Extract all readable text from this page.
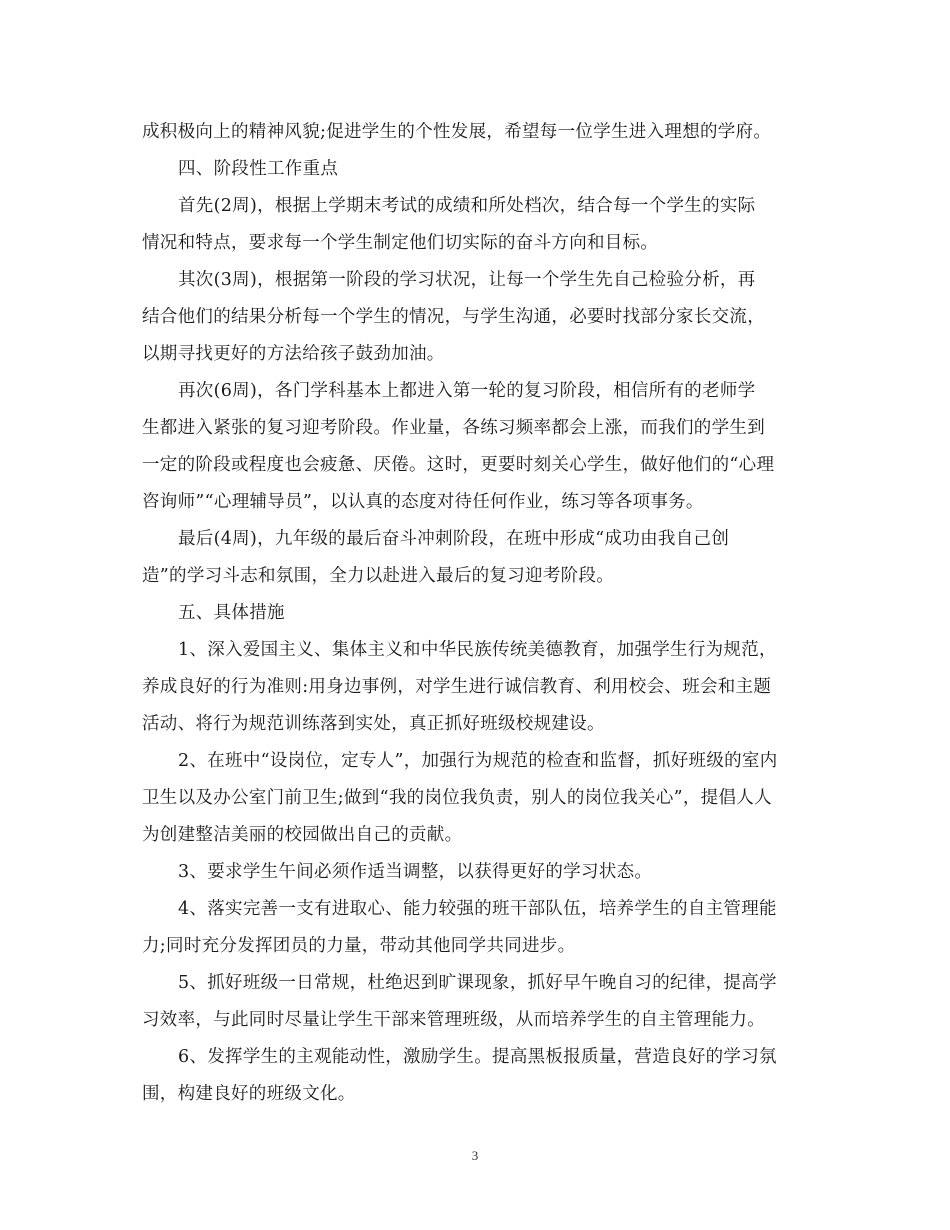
成积极向上的精神风貌;促进学生的个性发展，希望每一位学生进入理想的学府。
四、阶段性工作重点
首先(2周)，根据上学期末考试的成绩和所处档次，结合每一个学生的实际
情况和特点，要求每一个学生制定他们切实际的奋斗方向和目标。
其次(3周)，根据第一阶段的学习状况，让每一个学生先自己检验分析，再
结合他们的结果分析每一个学生的情况，与学生沟通，必要时找部分家长交流，
以期寻找更好的方法给孩子鼓劲加油。
再次(6周)，各门学科基本上都进入第一轮的复习阶段，相信所有的老师学
生都进入紧张的复习迎考阶段。作业量，各练习频率都会上涨，而我们的学生到
一定的阶段或程度也会疲惫、厌倦。这时，更要时刻关心学生，做好他们的“心理
咨询师”“心理辅导员”，以认真的态度对待任何作业，练习等各项事务。
最后(4周)，九年级的最后奋斗冲刺阶段，在班中形成“成功由我自己创
造”的学习斗志和氛围，全力以赴进入最后的复习迎考阶段。
五、具体措施
1、深入爱国主义、集体主义和中华民族传统美德教育，加强学生行为规范，
养成良好的行为准则:用身边事例，对学生进行诚信教育、利用校会、班会和主题
活动、将行为规范训练落到实处，真正抓好班级校规建设。
2、在班中“设岗位，定专人”，加强行为规范的检查和监督，抓好班级的室内
卫生以及办公室门前卫生;做到“我的岗位我负责，别人的岗位我关心”，提倡人人
为创建整洁美丽的校园做出自己的贡献。
3、要求学生午间必须作适当调整，以获得更好的学习状态。
4、落实完善一支有进取心、能力较强的班干部队伍，培养学生的自主管理能
力;同时充分发挥团员的力量，带动其他同学共同进步。
5、抓好班级一日常规，杜绝迟到旷课现象，抓好早午晚自习的纪律，提高学
习效率，与此同时尽量让学生干部来管理班级，从而培养学生的自主管理能力。
6、发挥学生的主观能动性，激励学生。提高黑板报质量，营造良好的学习氛
围，构建良好的班级文化。
3
